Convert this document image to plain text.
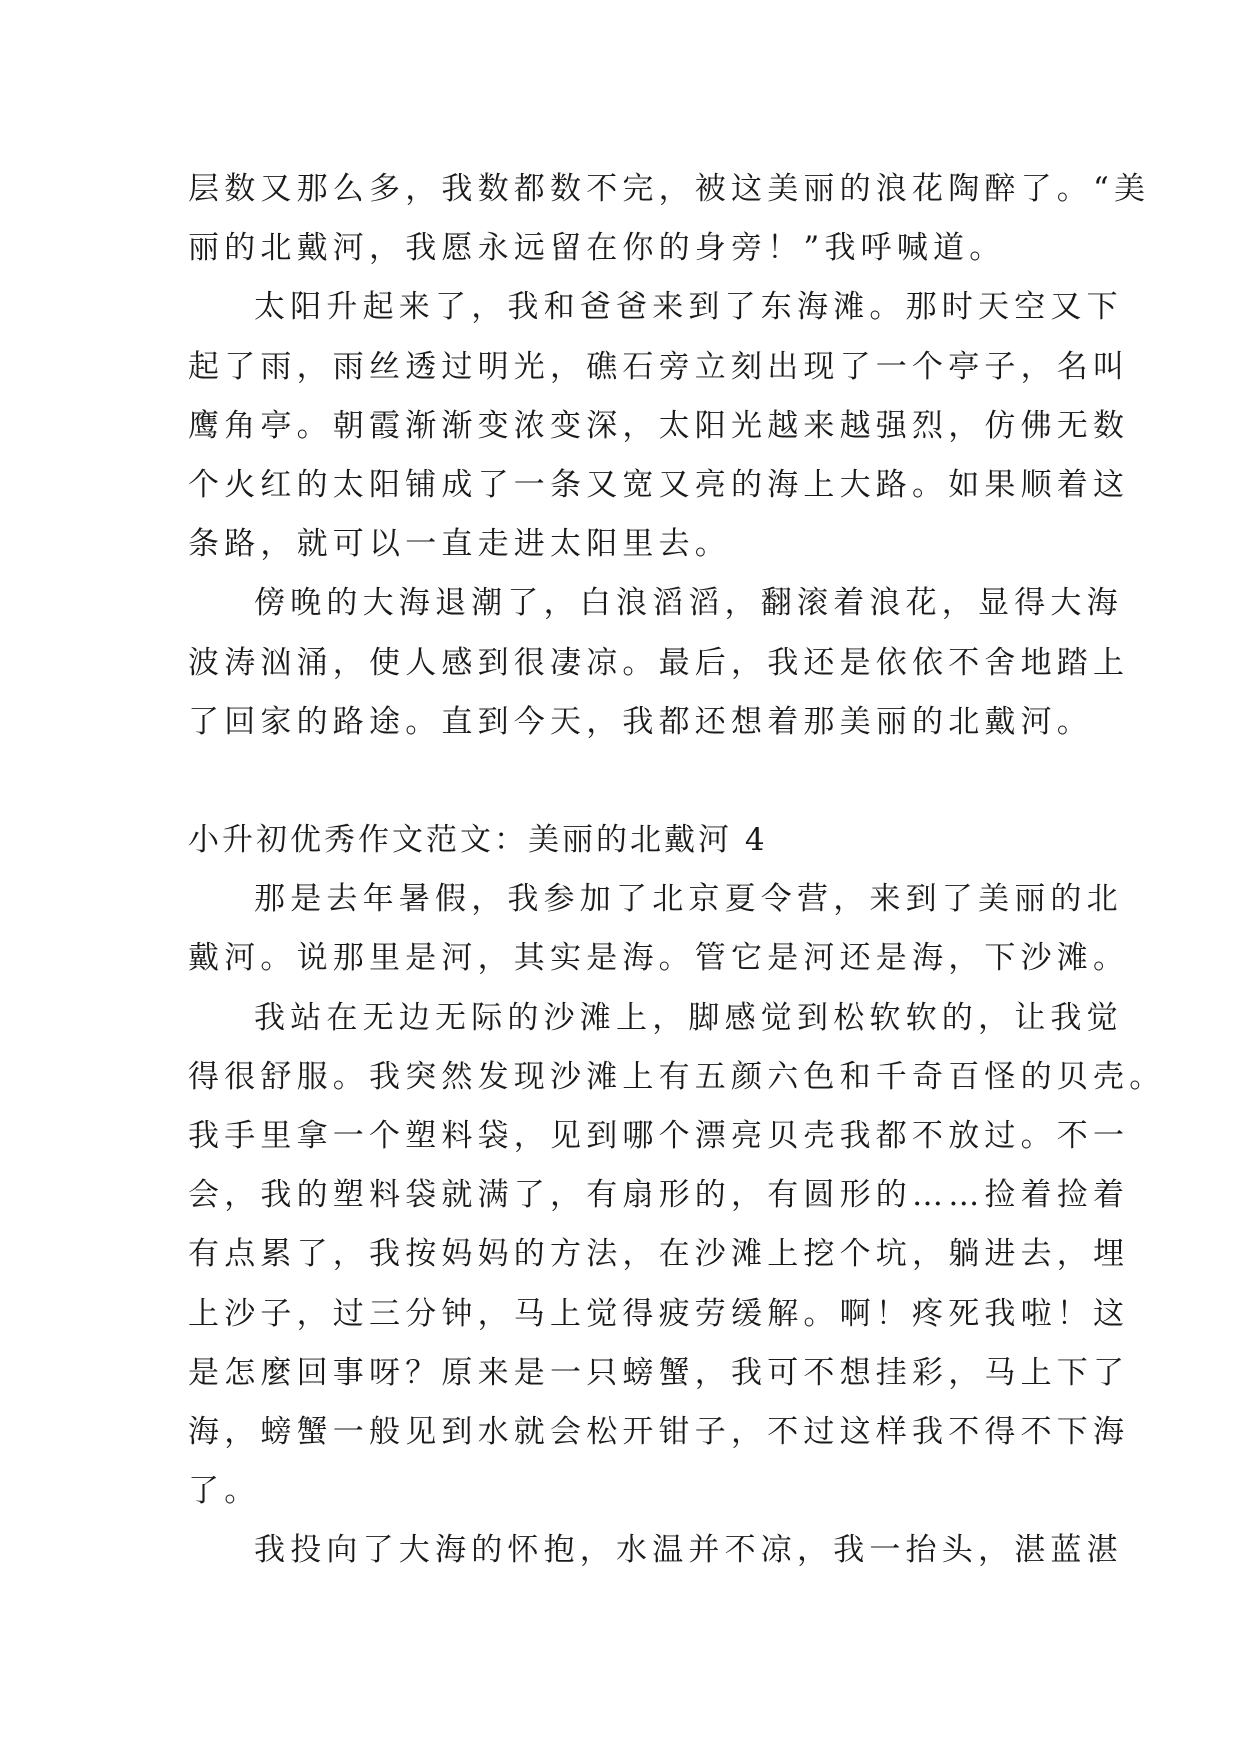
层数又那么多，我数都数不完，被这美丽的浪花陶醉了。“美
丽的北戴河，我愿永远留在你的身旁！”我呼喊道。
太阳升起来了，我和爸爸来到了东海滩。那时天空又下
起了雨，雨丝透过明光，礁石旁立刻出现了一个亭子，名叫
鹰角亭。朝霞渐渐变浓变深，太阳光越来越强烈，仿佛无数
个火红的太阳铺成了一条又宽又亮的海上大路。如果顺着这
条路，就可以一直走进太阳里去。
傍晚的大海退潮了，白浪滔滔，翻滚着浪花，显得大海
波涛汹涌，使人感到很凄凉。最后，我还是依依不舍地踏上
了回家的路途。直到今天，我都还想着那美丽的北戴河。
小升初优秀作文范文：美丽的北戴河 4
那是去年暑假，我参加了北京夏令营，来到了美丽的北
戴河。说那里是河，其实是海。管它是河还是海，下沙滩。
我站在无边无际的沙滩上，脚感觉到松软软的，让我觉
得很舒服。我突然发现沙滩上有五颜六色和千奇百怪的贝壳。
我手里拿一个塑料袋，见到哪个漂亮贝壳我都不放过。不一
会，我的塑料袋就满了，有扇形的，有圆形的……捡着捡着
有点累了，我按妈妈的方法，在沙滩上挖个坑，躺进去，埋
上沙子，过三分钟，马上觉得疲劳缓解。啊！疼死我啦！这
是怎麼回事呀？原来是一只螃蟹，我可不想挂彩，马上下了
海，螃蟹一般见到水就会松开钳子，不过这样我不得不下海
了。
我投向了大海的怀抱，水温并不凉，我一抬头，湛蓝湛
